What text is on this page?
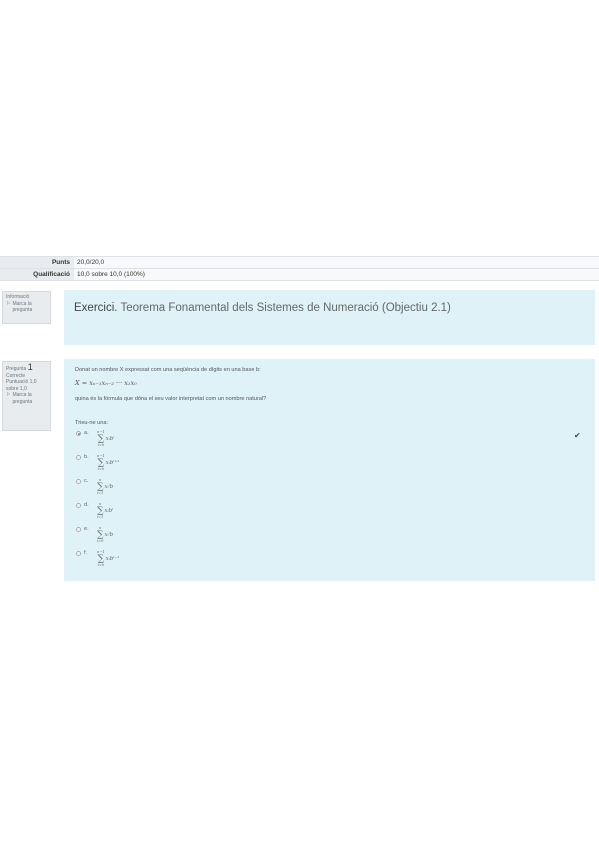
Punts	20,0/20,0
Qualificació	10,0 sobre 10,0 (100%)
Informació
⚐ Marca la pregunta	Exercici. Teorema Fonamental dels Sistemes de Numeració (Objectiu 2.1)
Pregunta 1
Correcte
Puntuació 1,0 sobre 1,0
⚐ Marca la pregunta
Donat un nombre X expressat com una seqüència de dígits en una base b:
X = xₙ₋₁xₙ₋₂ ··· x₁x₀
quina és la fórmula que dóna el seu valor interpretat com un nombre natural?
Trieu-ne una:
✔
a.	n−1
∑
i=0
xᵢbⁱ
b.	n−1
∑
i=0
xᵢbⁱ⁺¹
c.	n
∑
i=1
xᵢⁱb
d.	n
∑
i=1
xᵢbⁱ
e.	n
∑
i=0
xᵢⁱb
f.	n−1
∑
i=0
xᵢbⁱ⁻¹
